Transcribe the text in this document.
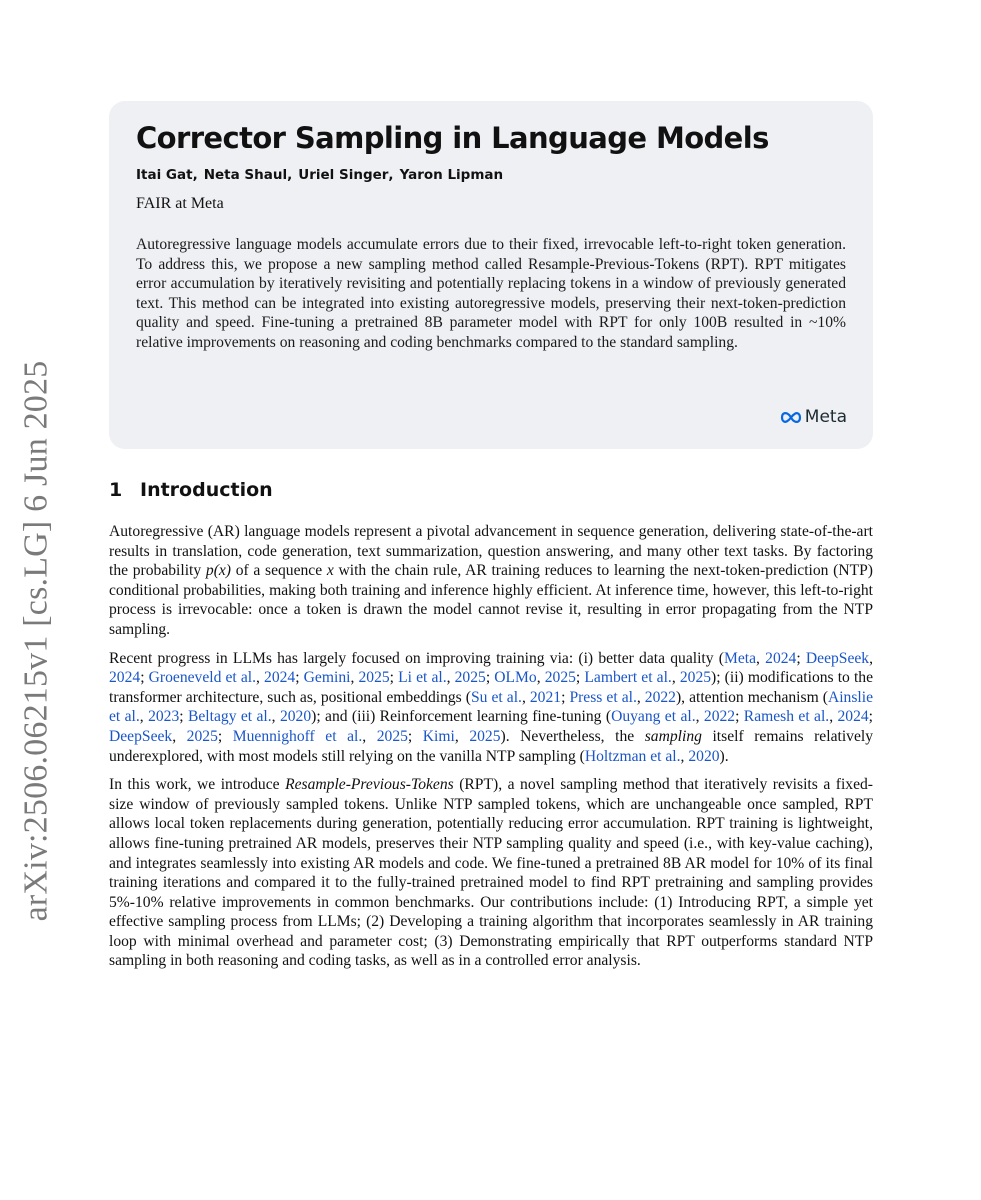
arXiv:2506.06215v1 [cs.LG] 6 Jun 2025
Corrector Sampling in Language Models
Itai Gat , Neta Shaul , Uriel Singer , Yaron Lipman
FAIR at Meta
Autoregressive language models accumulate errors due to their fixed, irrevocable left-to-right token generation. To address this, we propose a new sampling method called Resample-Previous-Tokens (RPT). RPT mitigates error accumulation by iteratively revisiting and potentially replacing tokens in a window of previously generated text. This method can be integrated into existing autoregressive models, preserving their next-token-prediction quality and speed. Fine-tuning a pretrained 8B parameter model with RPT for only 100B resulted in ~10% relative improvements on reasoning and coding benchmarks compared to the standard sampling.
Meta
1 Introduction

Autoregressive (AR) language models represent a pivotal advancement in sequence generation, delivering state-of-the-art results in translation, code generation, text summarization, question answering, and many other text tasks. By factoring the probability p(x) of a sequence x with the chain rule, AR training reduces to learning the next-token-prediction (NTP) conditional probabilities, making both training and inference highly efficient. At inference time, however, this left-to-right process is irrevocable: once a token is drawn the model cannot revise it, resulting in error propagating from the NTP sampling.

Recent progress in LLMs has largely focused on improving training via: (i) better data quality (Meta, 2024; DeepSeek, 2024; Groeneveld et al., 2024; Gemini, 2025; Li et al., 2025; OLMo, 2025; Lambert et al., 2025); (ii) modifications to the transformer architecture, such as, positional embeddings (Su et al., 2021; Press et al., 2022), attention mechanism (Ainslie et al., 2023; Beltagy et al., 2020); and (iii) Reinforcement learning fine-tuning (Ouyang et al., 2022; Ramesh et al., 2024; DeepSeek, 2025; Muennighoff et al., 2025; Kimi, 2025). Nevertheless, the sampling itself remains relatively underexplored, with most models still relying on the vanilla NTP sampling (Holtzman et al., 2020).

In this work, we introduce Resample-Previous-Tokens (RPT), a novel sampling method that iteratively revisits a fixed-size window of previously sampled tokens. Unlike NTP sampled tokens, which are unchangeable once sampled, RPT allows local token replacements during generation, potentially reducing error accumulation. RPT training is lightweight, allows fine-tuning pretrained AR models, preserves their NTP sampling quality and speed (i.e., with key-value caching), and integrates seamlessly into existing AR models and code. We fine-tuned a pretrained 8B AR model for 10% of its final training iterations and compared it to the fully-trained pretrained model to find RPT pretraining and sampling provides 5%-10% relative improvements in common benchmarks. Our contributions include: (1) Introducing RPT, a simple yet effective sampling process from LLMs; (2) Developing a training algorithm that incorporates seamlessly in AR training loop with minimal overhead and parameter cost; (3) Demonstrating empirically that RPT outperforms standard NTP sampling in both reasoning and coding tasks, as well as in a controlled error analysis.
